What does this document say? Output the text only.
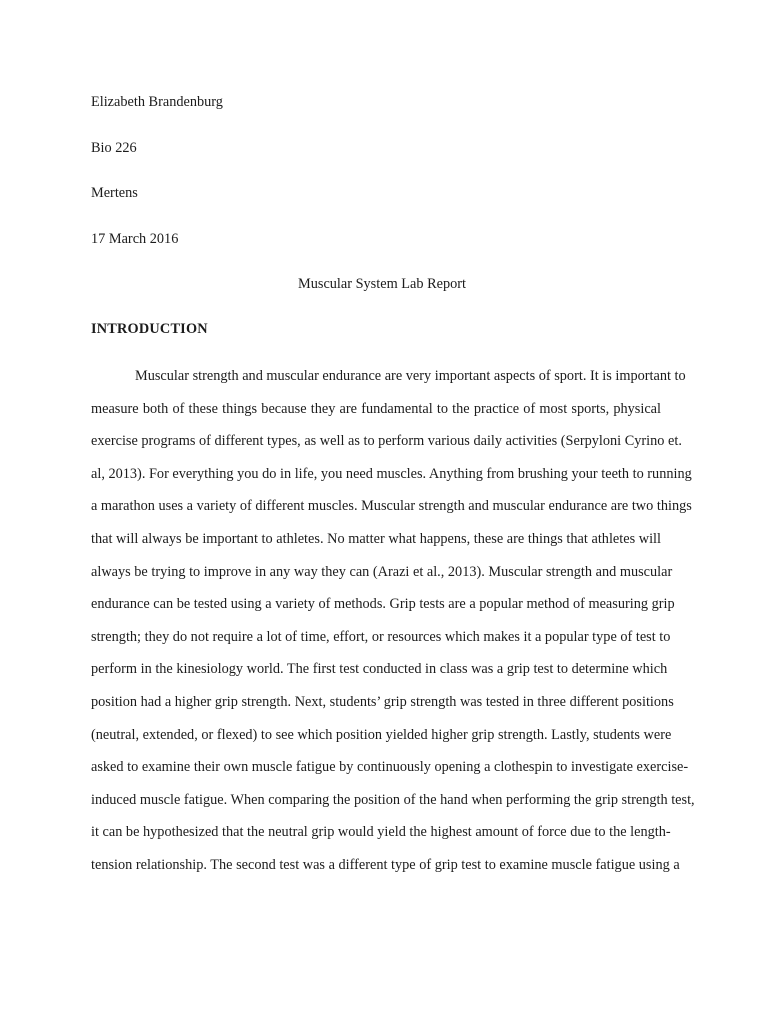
Elizabeth Brandenburg
Bio 226
Mertens
17 March 2016
Muscular System Lab Report
INTRODUCTION
Muscular strength and muscular endurance are very important aspects of sport. It is important to
measure both of these things because they are fundamental to the practice of most sports, physical
exercise programs of different types, as well as to perform various daily activities (Serpyloni Cyrino et.
al, 2013). For everything you do in life, you need muscles. Anything from brushing your teeth to running
a marathon uses a variety of different muscles. Muscular strength and muscular endurance are two things
that will always be important to athletes. No matter what happens, these are things that athletes will
always be trying to improve in any way they can (Arazi et al., 2013). Muscular strength and muscular
endurance can be tested using a variety of methods. Grip tests are a popular method of measuring grip
strength; they do not require a lot of time, effort, or resources which makes it a popular type of test to
perform in the kinesiology world. The first test conducted in class was a grip test to determine which
position had a higher grip strength. Next, students’ grip strength was tested in three different positions
(neutral, extended, or flexed) to see which position yielded higher grip strength. Lastly, students were
asked to examine their own muscle fatigue by continuously opening a clothespin to investigate exercise-
induced muscle fatigue. When comparing the position of the hand when performing the grip strength test,
it can be hypothesized that the neutral grip would yield the highest amount of force due to the length-
tension relationship. The second test was a different type of grip test to examine muscle fatigue using a
